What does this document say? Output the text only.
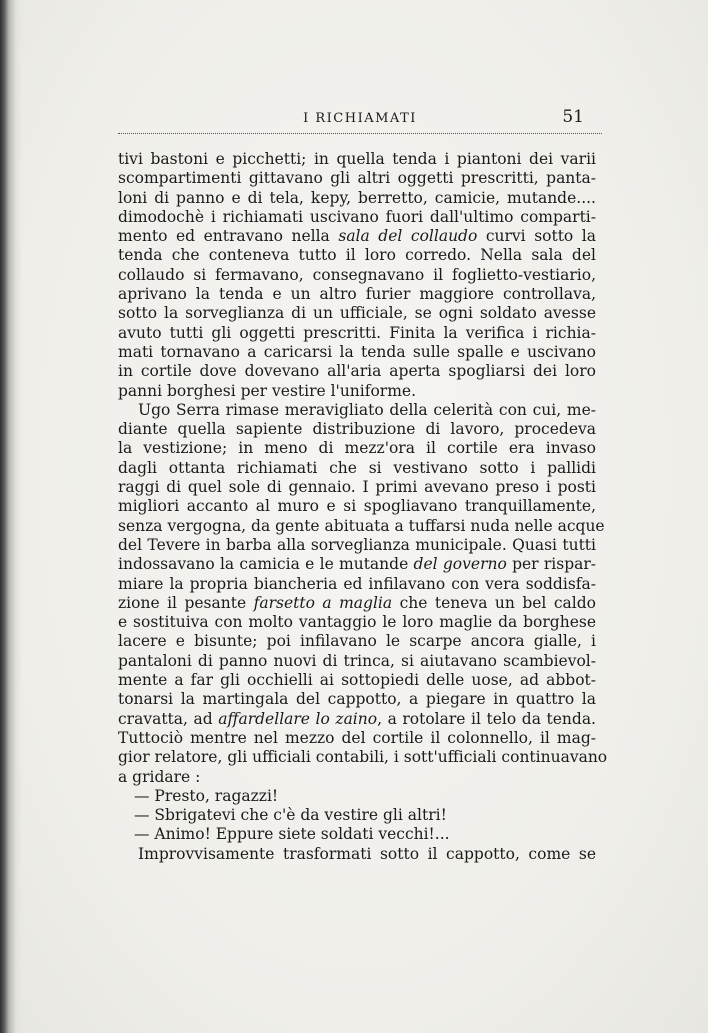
I RICHIAMATI	51
tivi bastoni e picchetti; in quella tenda i piantoni dei varii
scompartimenti gittavano gli altri oggetti prescritti, panta-
loni di panno e di tela, kepy, berretto, camicie, mutande....
dimodochè i richiamati uscivano fuori dall'ultimo comparti-
mento ed entravano nella sala del collaudo curvi sotto la
tenda che conteneva tutto il loro corredo. Nella sala del
collaudo si fermavano, consegnavano il foglietto-vestiario,
aprivano la tenda e un altro furier maggiore controllava,
sotto la sorveglianza di un ufficiale, se ogni soldato avesse
avuto tutti gli oggetti prescritti. Finita la verifica i richia-
mati tornavano a caricarsi la tenda sulle spalle e uscivano
in cortile dove dovevano all'aria aperta spogliarsi dei loro
panni borghesi per vestire l'uniforme.
Ugo Serra rimase meravigliato della celerità con cui, me-
diante quella sapiente distribuzione di lavoro, procedeva
la vestizione; in meno di mezz'ora il cortile era invaso
dagli ottanta richiamati che si vestivano sotto i pallidi
raggi di quel sole di gennaio. I primi avevano preso i posti
migliori accanto al muro e si spogliavano tranquillamente,
senza vergogna, da gente abituata a tuffarsi nuda nelle acque
del Tevere in barba alla sorveglianza municipale. Quasi tutti
indossavano la camicia e le mutande del governo per rispar-
miare la propria biancheria ed infilavano con vera soddisfa-
zione il pesante farsetto a maglia che teneva un bel caldo
e sostituiva con molto vantaggio le loro maglie da borghese
lacere e bisunte; poi infilavano le scarpe ancora gialle, i
pantaloni di panno nuovi di trinca, si aiutavano scambievol-
mente a far gli occhielli ai sottopiedi delle uose, ad abbot-
tonarsi la martingala del cappotto, a piegare in quattro la
cravatta, ad affardellare lo zaino, a rotolare il telo da tenda.
Tuttociò mentre nel mezzo del cortile il colonnello, il mag-
gior relatore, gli ufficiali contabili, i sott'ufficiali continuavano
a gridare :
— Presto, ragazzi!
— Sbrigatevi che c'è da vestire gli altri!
— Animo! Eppure siete soldati vecchi!...
Improvvisamente trasformati sotto il cappotto, come se
